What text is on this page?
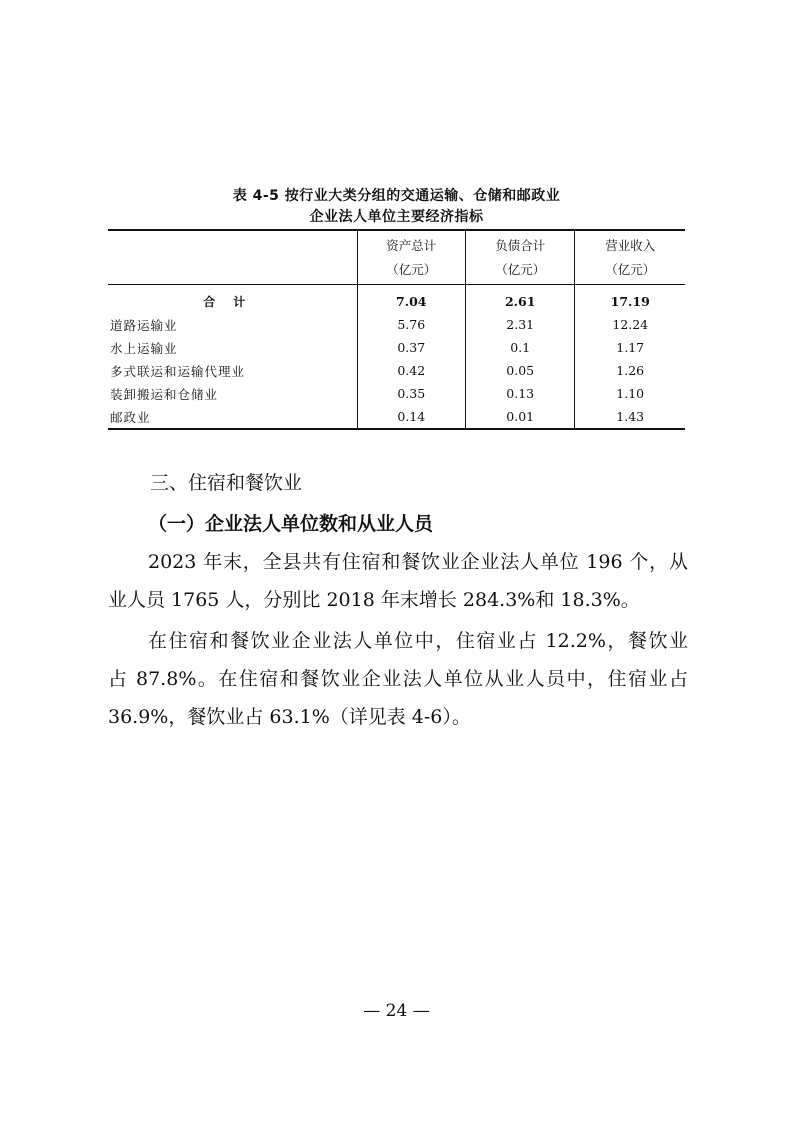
表 4-5 按行业大类分组的交通运输、仓储和邮政业
企业法人单位主要经济指标
	资产总计	负债合计	营业收入
	（亿元）	（亿元）	（亿元）
合计	7.04	2.61	17.19
道路运输业	5.76	2.31	12.24
水上运输业	0.37	0.1	1.17
多式联运和运输代理业	0.42	0.05	1.26
装卸搬运和仓储业	0.35	0.13	1.10
邮政业	0.14	0.01	1.43
三、住宿和餐饮业
（一）企业法人单位数和从业人员
2023 年末，全县共有住宿和餐饮业企业法人单位 196 个，从
业人员 1765 人，分别比 2018 年末增长 284.3%和 18.3%。
在住宿和餐饮业企业法人单位中，住宿业占 12.2%，餐饮业
占 87.8%。在住宿和餐饮业企业法人单位从业人员中，住宿业占
36.9%，餐饮业占 63.1%（详见表 4-6）。
— 24 —
